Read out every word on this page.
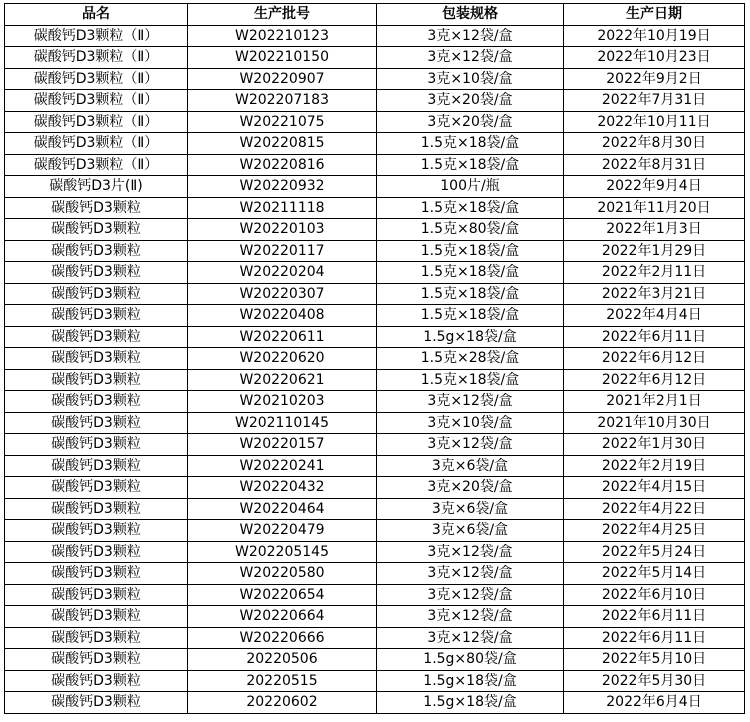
品名	生产批号	包装规格	生产日期
碳酸钙D3颗粒（Ⅱ）	W202210123	3克×12袋/盒	2022年10月19日
碳酸钙D3颗粒（Ⅱ）	W202210150	3克×12袋/盒	2022年10月23日
碳酸钙D3颗粒（Ⅱ）	W20220907	3克×10袋/盒	2022年9月2日
碳酸钙D3颗粒（Ⅱ）	W202207183	3克×20袋/盒	2022年7月31日
碳酸钙D3颗粒（Ⅱ）	W20221075	3克×20袋/盒	2022年10月11日
碳酸钙D3颗粒（Ⅱ）	W20220815	1.5克×18袋/盒	2022年8月30日
碳酸钙D3颗粒（Ⅱ）	W20220816	1.5克×18袋/盒	2022年8月31日
碳酸钙D3片(Ⅱ)	W20220932	100片/瓶	2022年9月4日
碳酸钙D3颗粒	W20211118	1.5克×18袋/盒	2021年11月20日
碳酸钙D3颗粒	W20220103	1.5克×80袋/盒	2022年1月3日
碳酸钙D3颗粒	W20220117	1.5克×18袋/盒	2022年1月29日
碳酸钙D3颗粒	W20220204	1.5克×18袋/盒	2022年2月11日
碳酸钙D3颗粒	W20220307	1.5克×18袋/盒	2022年3月21日
碳酸钙D3颗粒	W20220408	1.5克×18袋/盒	2022年4月4日
碳酸钙D3颗粒	W20220611	1.5g×18袋/盒	2022年6月11日
碳酸钙D3颗粒	W20220620	1.5克×28袋/盒	2022年6月12日
碳酸钙D3颗粒	W20220621	1.5克×18袋/盒	2022年6月12日
碳酸钙D3颗粒	W20210203	3克×12袋/盒	2021年2月1日
碳酸钙D3颗粒	W202110145	3克×10袋/盒	2021年10月30日
碳酸钙D3颗粒	W20220157	3克×12袋/盒	2022年1月30日
碳酸钙D3颗粒	W20220241	3克×6袋/盒	2022年2月19日
碳酸钙D3颗粒	W20220432	3克×20袋/盒	2022年4月15日
碳酸钙D3颗粒	W20220464	3克×6袋/盒	2022年4月22日
碳酸钙D3颗粒	W20220479	3克×6袋/盒	2022年4月25日
碳酸钙D3颗粒	W202205145	3克×12袋/盒	2022年5月24日
碳酸钙D3颗粒	W20220580	3克×12袋/盒	2022年5月14日
碳酸钙D3颗粒	W20220654	3克×12袋/盒	2022年6月10日
碳酸钙D3颗粒	W20220664	3克×12袋/盒	2022年6月11日
碳酸钙D3颗粒	W20220666	3克×12袋/盒	2022年6月11日
碳酸钙D3颗粒	20220506	1.5g×80袋/盒	2022年5月10日
碳酸钙D3颗粒	20220515	1.5g×18袋/盒	2022年5月30日
碳酸钙D3颗粒	20220602	1.5g×18袋/盒	2022年6月4日
